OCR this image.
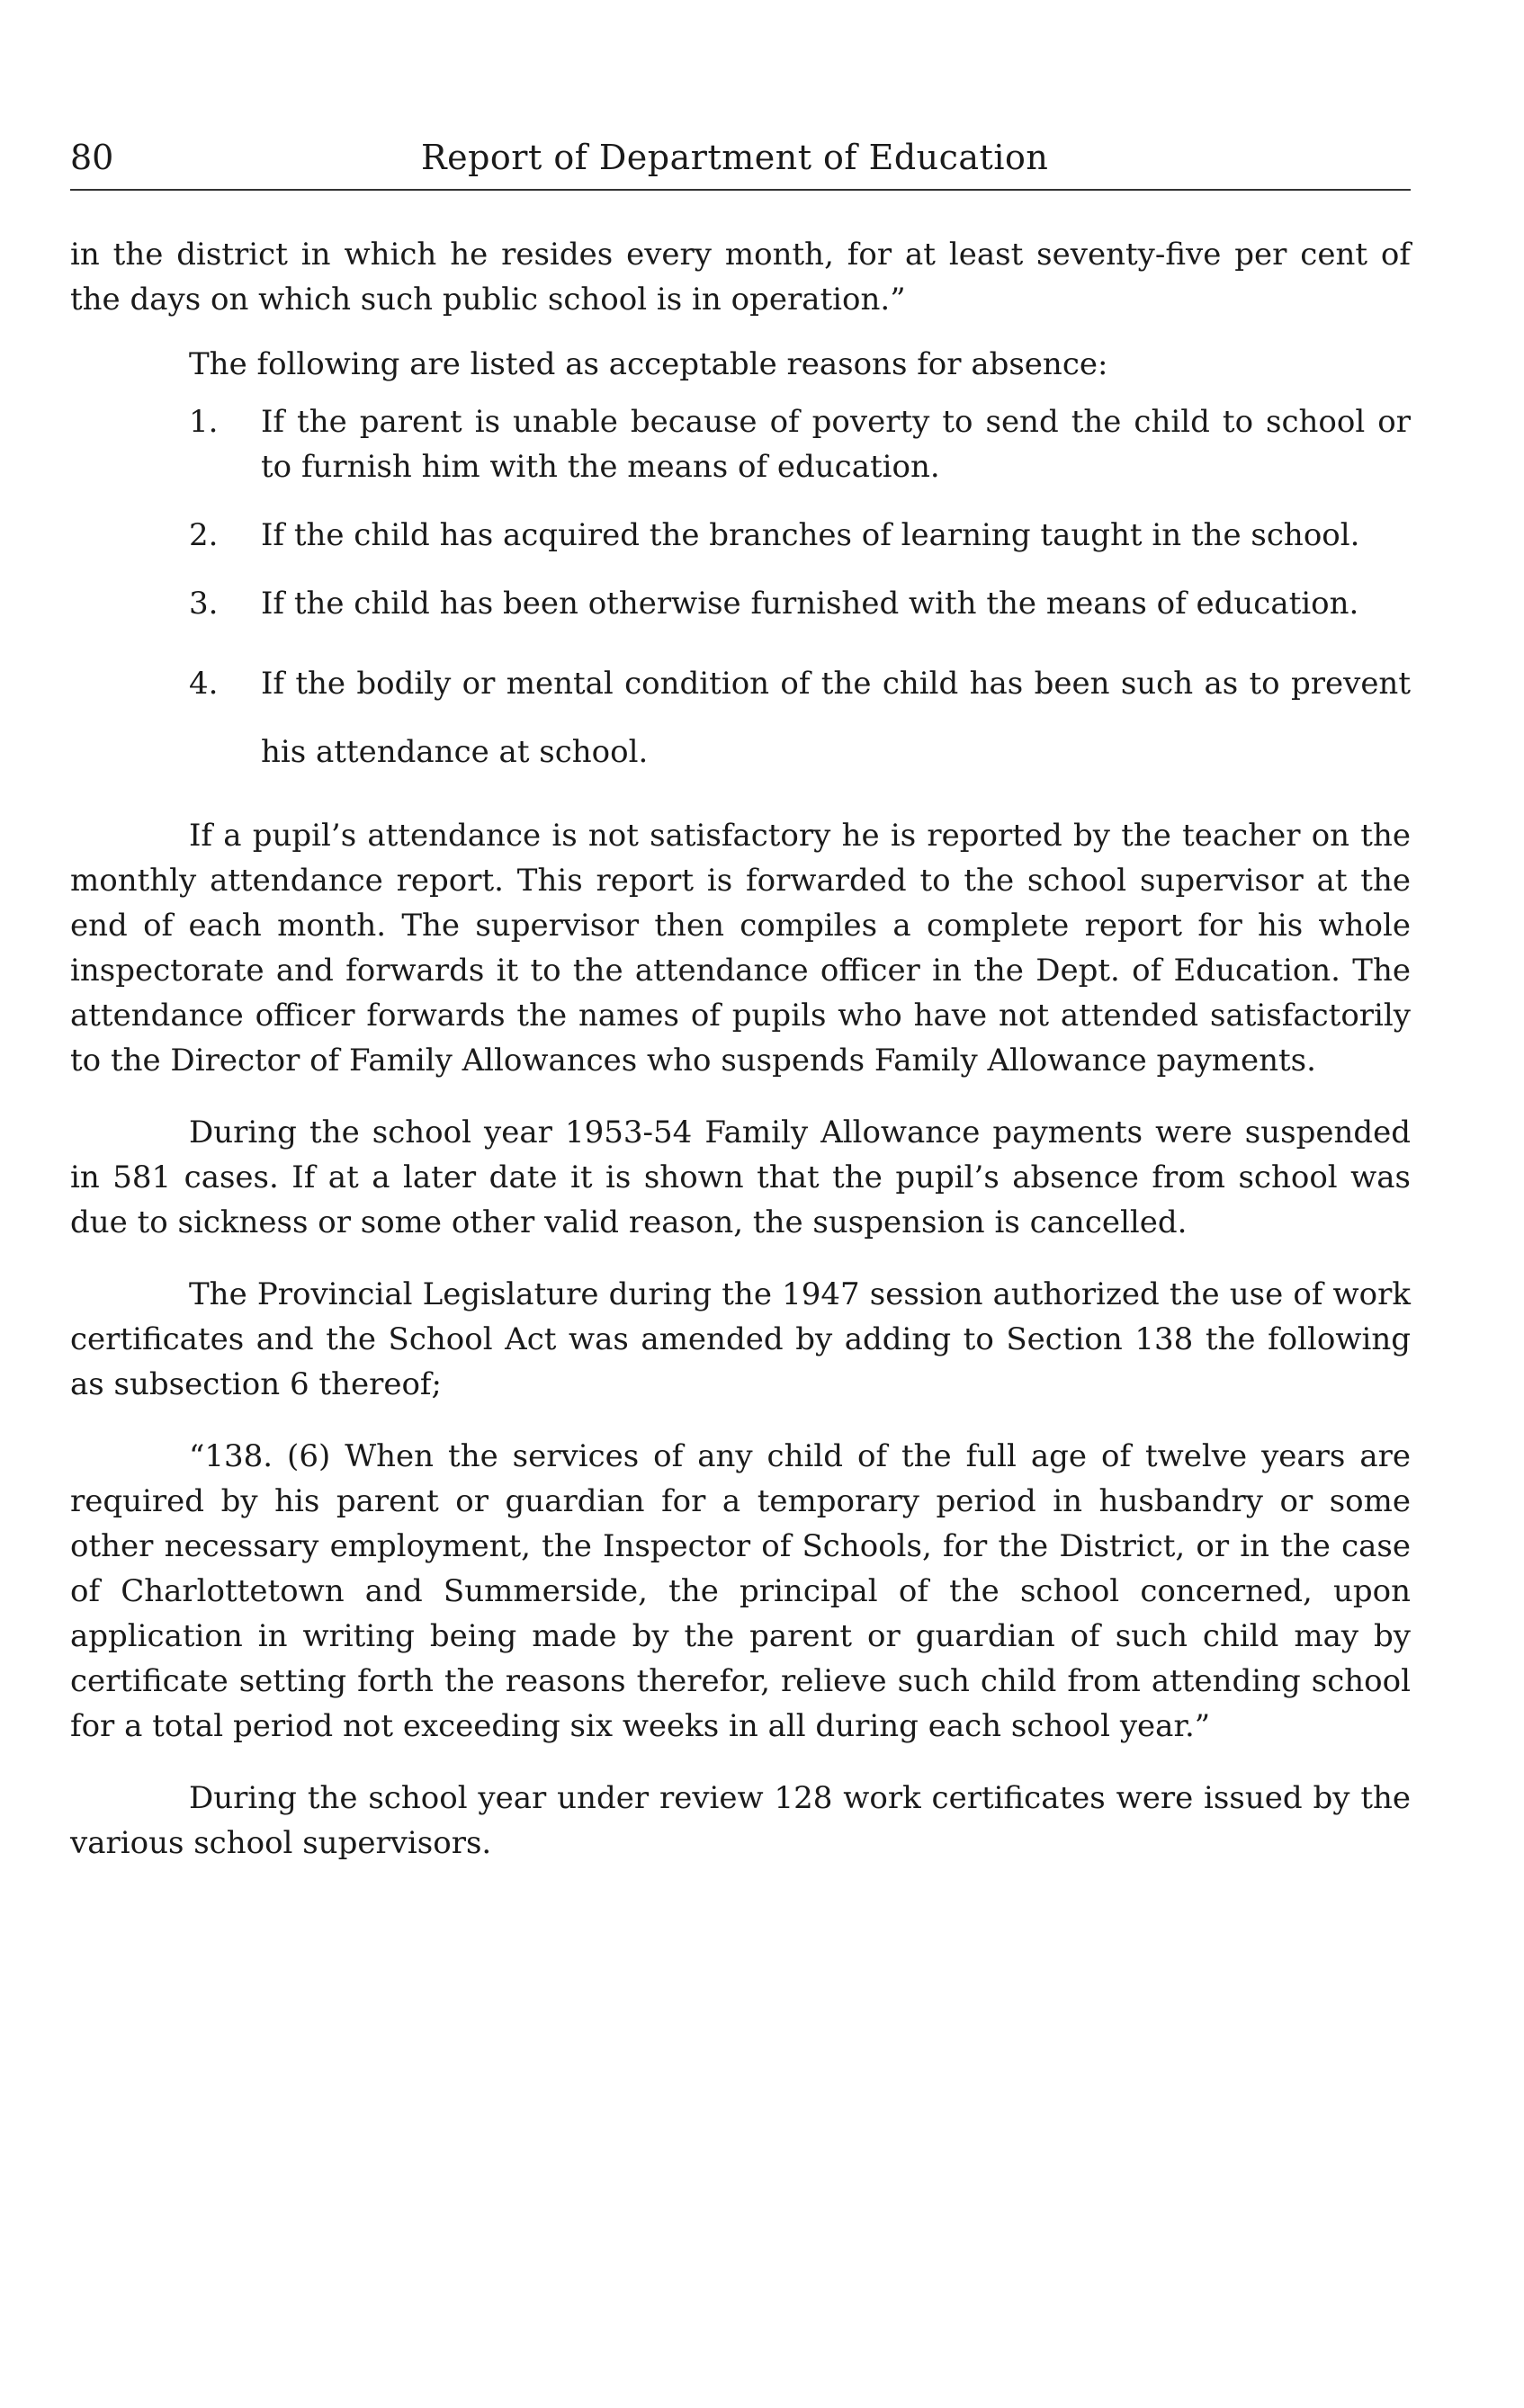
80	Report of Department of Education

in the district in which he resides every month, for at least seventy-five per cent of the days on which such public school is in operation.”

The following are listed as acceptable reasons for absence:

1. If the parent is unable because of poverty to send the child to school or to furnish him with the means of education.
2. If the child has acquired the branches of learning taught in the school.
3. If the child has been otherwise furnished with the means of education.
4. If the bodily or mental condition of the child has been such as to prevent his attendance at school.

If a pupil’s attendance is not satisfactory he is reported by the teacher on the monthly attendance report. This report is forwarded to the school supervisor at the end of each month. The supervisor then compiles a complete report for his whole inspectorate and forwards it to the attendance officer in the Dept. of Education. The attendance officer forwards the names of pupils who have not attended satisfactorily to the Director of Family Allowances who suspends Family Allowance payments.

During the school year 1953-54 Family Allowance payments were suspended in 581 cases. If at a later date it is shown that the pupil’s absence from school was due to sickness or some other valid reason, the suspension is cancelled.

The Provincial Legislature during the 1947 session authorized the use of work certificates and the School Act was amended by adding to Section 138 the following as subsection 6 thereof;

“138. (6) When the services of any child of the full age of twelve years are required by his parent or guardian for a temporary period in husbandry or some other necessary employment, the Inspector of Schools, for the District, or in the case of Charlottetown and Summerside, the principal of the school concerned, upon application in writing being made by the parent or guardian of such child may by certificate setting forth the reasons therefor, relieve such child from attending school for a total period not exceeding six weeks in all during each school year.”

During the school year under review 128 work certificates were issued by the various school supervisors.
